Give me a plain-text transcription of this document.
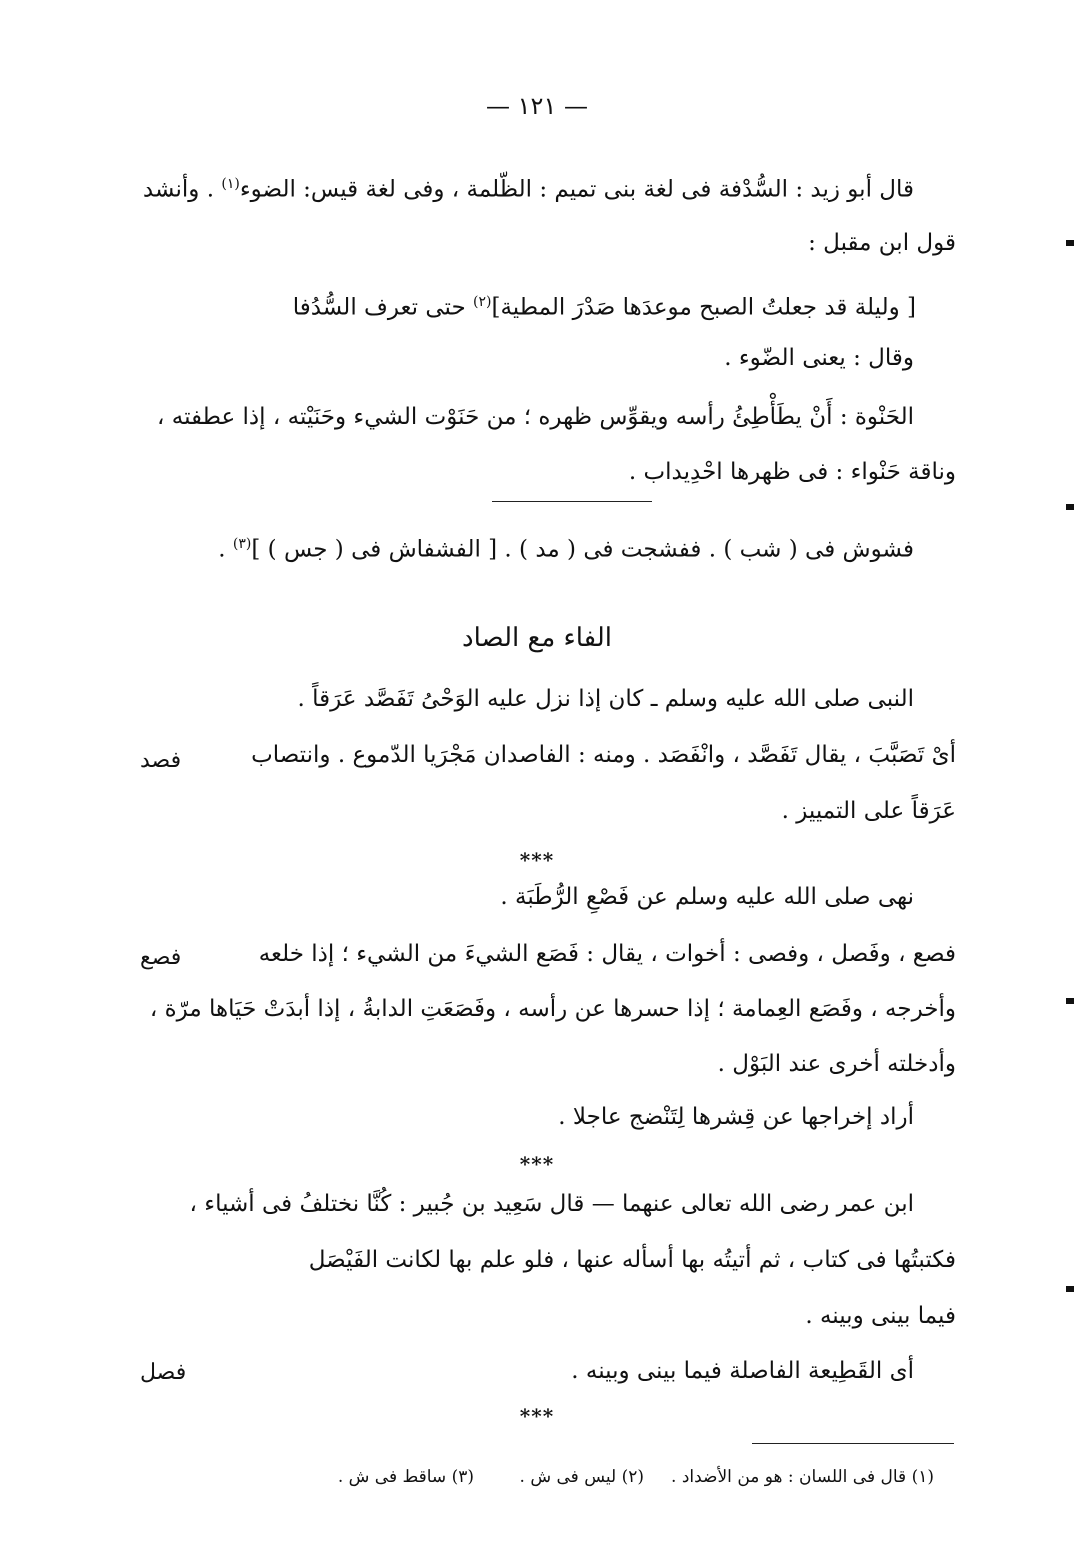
— ١٢١ —
قال أبو زيد : السُّدْفة فى لغة بنى تميم : الظّلمة ، وفى لغة قيس: الضوء$^{(١)}$ . وأنشد
قول ابن مقبل :
[ وليلة قد جعلتُ الصبح موعدَها صَدْرَ المطية]$^{(٢)}$ حتى تعرف السُّدُفا
وقال : يعنى الضّوء .
الحَنْوة : أَنْ يطَأْطِئُ رأسه ويقوِّس ظهره ؛ من حَنَوْت الشيء وحَنَيْته ، إذا عطفته ،
وناقة حَنْواء : فى ظهرها احْدِيداب .
فشوش فى ( شب ) . ففشجت فى ( مد ) . [ الفشفاش فى ( جس ) ]$^{(٣)}$ .
الفاء مع الصاد
النبى صلى الله عليه وسلم ـ كان إذا نزل عليه الوَحْىُ تَفَصَّد عَرَقاً .
أىْ تَصَبَّبَ ، يقال تَفَصَّد ، وانْفَصَد . ومنه : الفاصدان مَجْرَيا الدّموع . وانتصاب
عَرَقاً على التمييز .
فصد
***
نهى صلى الله عليه وسلم عن فَصْعِ الرُّطَبَة .
فصع ، وفَصل ، وفصى : أخوات ، يقال : فَصَع الشيءَ من الشيء ؛ إذا خلعه
وأخرجه ، وفَصَع العِمامة ؛ إذا حسرها عن رأسه ، وفَصَعَتِ الدابةُ ، إذا أبدَتْ حَيَاها مرّة ،
وأدخلته أخرى عند البَوْل .
أراد إخراجها عن قِشرها لِتَنْضج عاجلا .
فصع
***
ابن عمر رضى الله تعالى عنهما — قال سَعِيد بن جُبير : كُنَّا نختلفُ فى أشياء ،
فكتبتُها فى كتاب ، ثم أتيتُه بها أسأله عنها ، فلو علم بها لكانت الفَيْصَل
فيما بينى وبينه .
أى القَطِيعة الفاصلة فيما بينى وبينه .
فصل
***
(١) قال فى اللسان : هو من الأضداد .
(٢) ليس فى ش .
(٣) ساقط فى ش .
